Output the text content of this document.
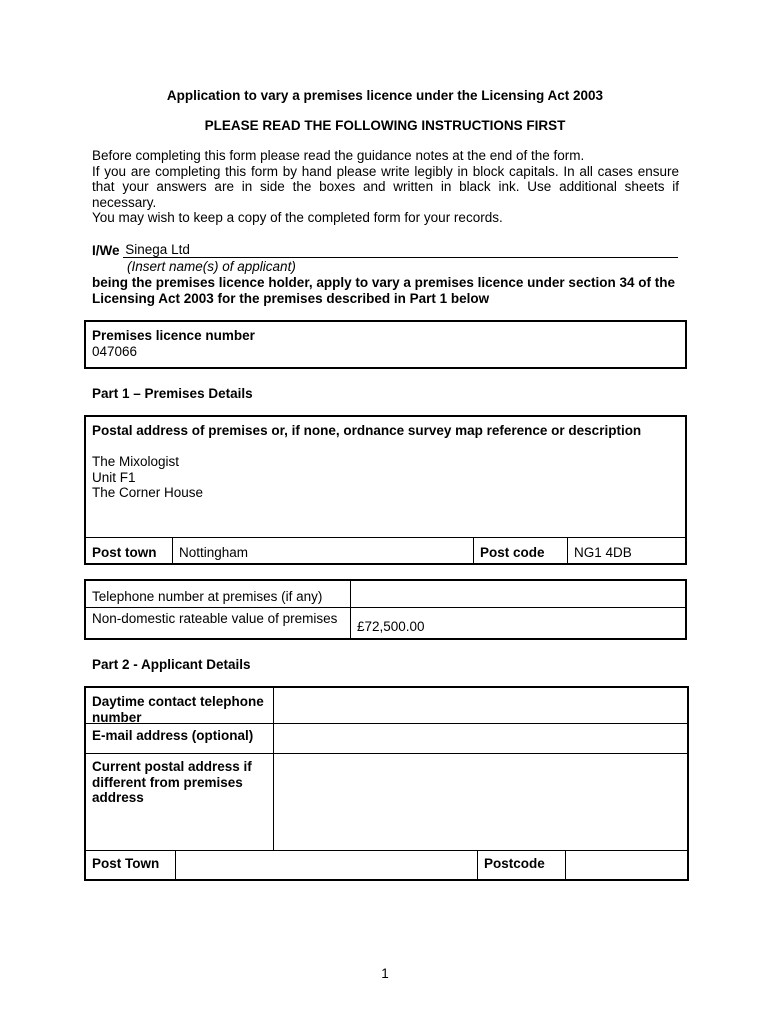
Application to vary a premises licence under the Licensing Act 2003
PLEASE READ THE FOLLOWING INSTRUCTIONS FIRST

Before completing this form please read the guidance notes at the end of the form.

If you are completing this form by hand please write legibly in block capitals. In all cases ensure that your answers are in side the boxes and written in black ink. Use additional sheets if necessary.

You may wish to keep a copy of the completed form for your records.

I/We Sinega Ltd
(Insert name(s) of applicant)
being the premises licence holder, apply to vary a premises licence under section 34 of the Licensing Act 2003 for the premises described in Part 1 below
Premises licence number
047066
Part 1 – Premises Details
Postal address of premises or, if none, ordnance survey map reference or description
The Mixologist
Unit F1
The Corner House
Post town	Nottingham	Post code	NG1 4DB
Telephone number at premises (if any)
Non-domestic rateable value of premises
£72,500.00
Part 2 - Applicant Details
Daytime contact telephone number
E-mail address (optional)
Current postal address if different from premises address
Post Town	Postcode
1
